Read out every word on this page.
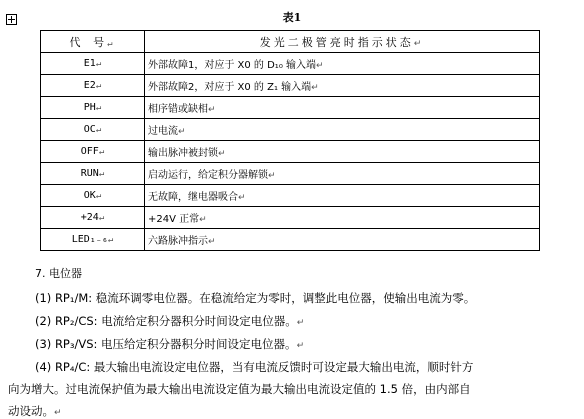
表1
代 号↵	发光二极管亮时指示状态↵
E1↵	外部故障1，对应于 X0 的 D₁₀ 输入端↵
E2↵	外部故障2，对应于 X0 的 Z₁ 输入端↵
PH↵	相序错或缺相↵
OC↵	过电流↵
OFF↵	输出脉冲被封锁↵
RUN↵	启动运行，给定积分器解锁↵
OK↵	无故障，继电器吸合↵
+24↵	+24V 正常↵
LED₁₋₆↵	六路脉冲指示↵
7. 电位器
(1) RP₁/M: 稳流环调零电位器。在稳流给定为零时，调整此电位器，使输出电流为零。
(2) RP₂/CS: 电流给定积分器积分时间设定电位器。↵
(3) RP₃/VS: 电压给定积分器积分时间设定电位器。↵
(4) RP₄/C: 最大输出电流设定电位器，当有电流反馈时可设定最大输出电流，顺时针方
向为增大。过电流保护值为最大输出电流设定值为最大输出电流设定值的 1.5 倍，由内部自
动设动。↵
